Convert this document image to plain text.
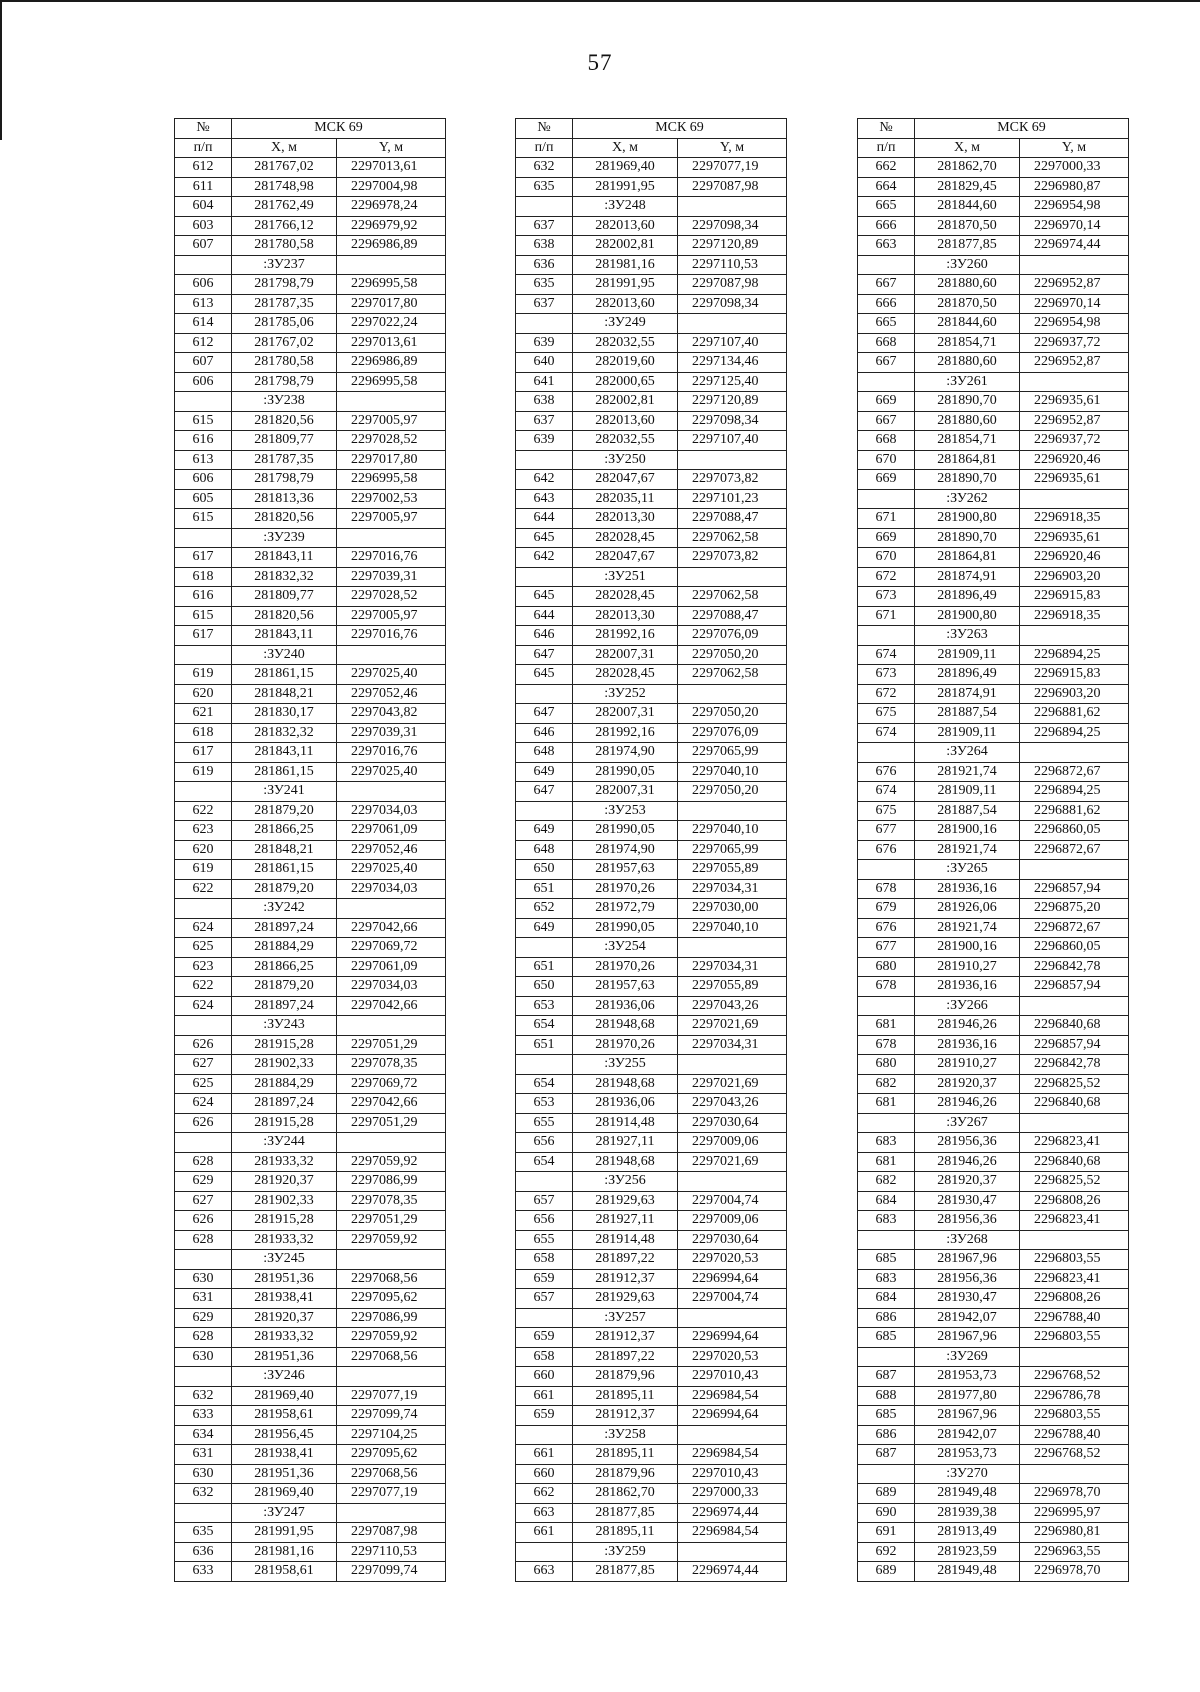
57
№	МСК 69	
п/п	X, м	Y, м
612	281767,02	2297013,61
611	281748,98	2297004,98
604	281762,49	2296978,24
603	281766,12	2296979,92
607	281780,58	2296986,89
	:ЗУ237	
606	281798,79	2296995,58
613	281787,35	2297017,80
614	281785,06	2297022,24
612	281767,02	2297013,61
607	281780,58	2296986,89
606	281798,79	2296995,58
	:ЗУ238	
615	281820,56	2297005,97
616	281809,77	2297028,52
613	281787,35	2297017,80
606	281798,79	2296995,58
605	281813,36	2297002,53
615	281820,56	2297005,97
	:ЗУ239	
617	281843,11	2297016,76
618	281832,32	2297039,31
616	281809,77	2297028,52
615	281820,56	2297005,97
617	281843,11	2297016,76
	:ЗУ240	
619	281861,15	2297025,40
620	281848,21	2297052,46
621	281830,17	2297043,82
618	281832,32	2297039,31
617	281843,11	2297016,76
619	281861,15	2297025,40
	:ЗУ241	
622	281879,20	2297034,03
623	281866,25	2297061,09
620	281848,21	2297052,46
619	281861,15	2297025,40
622	281879,20	2297034,03
	:ЗУ242	
624	281897,24	2297042,66
625	281884,29	2297069,72
623	281866,25	2297061,09
622	281879,20	2297034,03
624	281897,24	2297042,66
	:ЗУ243	
626	281915,28	2297051,29
627	281902,33	2297078,35
625	281884,29	2297069,72
624	281897,24	2297042,66
626	281915,28	2297051,29
	:ЗУ244	
628	281933,32	2297059,92
629	281920,37	2297086,99
627	281902,33	2297078,35
626	281915,28	2297051,29
628	281933,32	2297059,92
	:ЗУ245	
630	281951,36	2297068,56
631	281938,41	2297095,62
629	281920,37	2297086,99
628	281933,32	2297059,92
630	281951,36	2297068,56
	:ЗУ246	
632	281969,40	2297077,19
633	281958,61	2297099,74
634	281956,45	2297104,25
631	281938,41	2297095,62
630	281951,36	2297068,56
632	281969,40	2297077,19
	:ЗУ247	
635	281991,95	2297087,98
636	281981,16	2297110,53
633	281958,61	2297099,74
№	МСК 69	
п/п	X, м	Y, м
632	281969,40	2297077,19
635	281991,95	2297087,98
	:ЗУ248	
637	282013,60	2297098,34
638	282002,81	2297120,89
636	281981,16	2297110,53
635	281991,95	2297087,98
637	282013,60	2297098,34
	:ЗУ249	
639	282032,55	2297107,40
640	282019,60	2297134,46
641	282000,65	2297125,40
638	282002,81	2297120,89
637	282013,60	2297098,34
639	282032,55	2297107,40
	:ЗУ250	
642	282047,67	2297073,82
643	282035,11	2297101,23
644	282013,30	2297088,47
645	282028,45	2297062,58
642	282047,67	2297073,82
	:ЗУ251	
645	282028,45	2297062,58
644	282013,30	2297088,47
646	281992,16	2297076,09
647	282007,31	2297050,20
645	282028,45	2297062,58
	:ЗУ252	
647	282007,31	2297050,20
646	281992,16	2297076,09
648	281974,90	2297065,99
649	281990,05	2297040,10
647	282007,31	2297050,20
	:ЗУ253	
649	281990,05	2297040,10
648	281974,90	2297065,99
650	281957,63	2297055,89
651	281970,26	2297034,31
652	281972,79	2297030,00
649	281990,05	2297040,10
	:ЗУ254	
651	281970,26	2297034,31
650	281957,63	2297055,89
653	281936,06	2297043,26
654	281948,68	2297021,69
651	281970,26	2297034,31
	:ЗУ255	
654	281948,68	2297021,69
653	281936,06	2297043,26
655	281914,48	2297030,64
656	281927,11	2297009,06
654	281948,68	2297021,69
	:ЗУ256	
657	281929,63	2297004,74
656	281927,11	2297009,06
655	281914,48	2297030,64
658	281897,22	2297020,53
659	281912,37	2296994,64
657	281929,63	2297004,74
	:ЗУ257	
659	281912,37	2296994,64
658	281897,22	2297020,53
660	281879,96	2297010,43
661	281895,11	2296984,54
659	281912,37	2296994,64
	:ЗУ258	
661	281895,11	2296984,54
660	281879,96	2297010,43
662	281862,70	2297000,33
663	281877,85	2296974,44
661	281895,11	2296984,54
	:ЗУ259	
663	281877,85	2296974,44
№	МСК 69	
п/п	X, м	Y, м
662	281862,70	2297000,33
664	281829,45	2296980,87
665	281844,60	2296954,98
666	281870,50	2296970,14
663	281877,85	2296974,44
	:ЗУ260	
667	281880,60	2296952,87
666	281870,50	2296970,14
665	281844,60	2296954,98
668	281854,71	2296937,72
667	281880,60	2296952,87
	:ЗУ261	
669	281890,70	2296935,61
667	281880,60	2296952,87
668	281854,71	2296937,72
670	281864,81	2296920,46
669	281890,70	2296935,61
	:ЗУ262	
671	281900,80	2296918,35
669	281890,70	2296935,61
670	281864,81	2296920,46
672	281874,91	2296903,20
673	281896,49	2296915,83
671	281900,80	2296918,35
	:ЗУ263	
674	281909,11	2296894,25
673	281896,49	2296915,83
672	281874,91	2296903,20
675	281887,54	2296881,62
674	281909,11	2296894,25
	:ЗУ264	
676	281921,74	2296872,67
674	281909,11	2296894,25
675	281887,54	2296881,62
677	281900,16	2296860,05
676	281921,74	2296872,67
	:ЗУ265	
678	281936,16	2296857,94
679	281926,06	2296875,20
676	281921,74	2296872,67
677	281900,16	2296860,05
680	281910,27	2296842,78
678	281936,16	2296857,94
	:ЗУ266	
681	281946,26	2296840,68
678	281936,16	2296857,94
680	281910,27	2296842,78
682	281920,37	2296825,52
681	281946,26	2296840,68
	:ЗУ267	
683	281956,36	2296823,41
681	281946,26	2296840,68
682	281920,37	2296825,52
684	281930,47	2296808,26
683	281956,36	2296823,41
	:ЗУ268	
685	281967,96	2296803,55
683	281956,36	2296823,41
684	281930,47	2296808,26
686	281942,07	2296788,40
685	281967,96	2296803,55
	:ЗУ269	
687	281953,73	2296768,52
688	281977,80	2296786,78
685	281967,96	2296803,55
686	281942,07	2296788,40
687	281953,73	2296768,52
	:ЗУ270	
689	281949,48	2296978,70
690	281939,38	2296995,97
691	281913,49	2296980,81
692	281923,59	2296963,55
689	281949,48	2296978,70
